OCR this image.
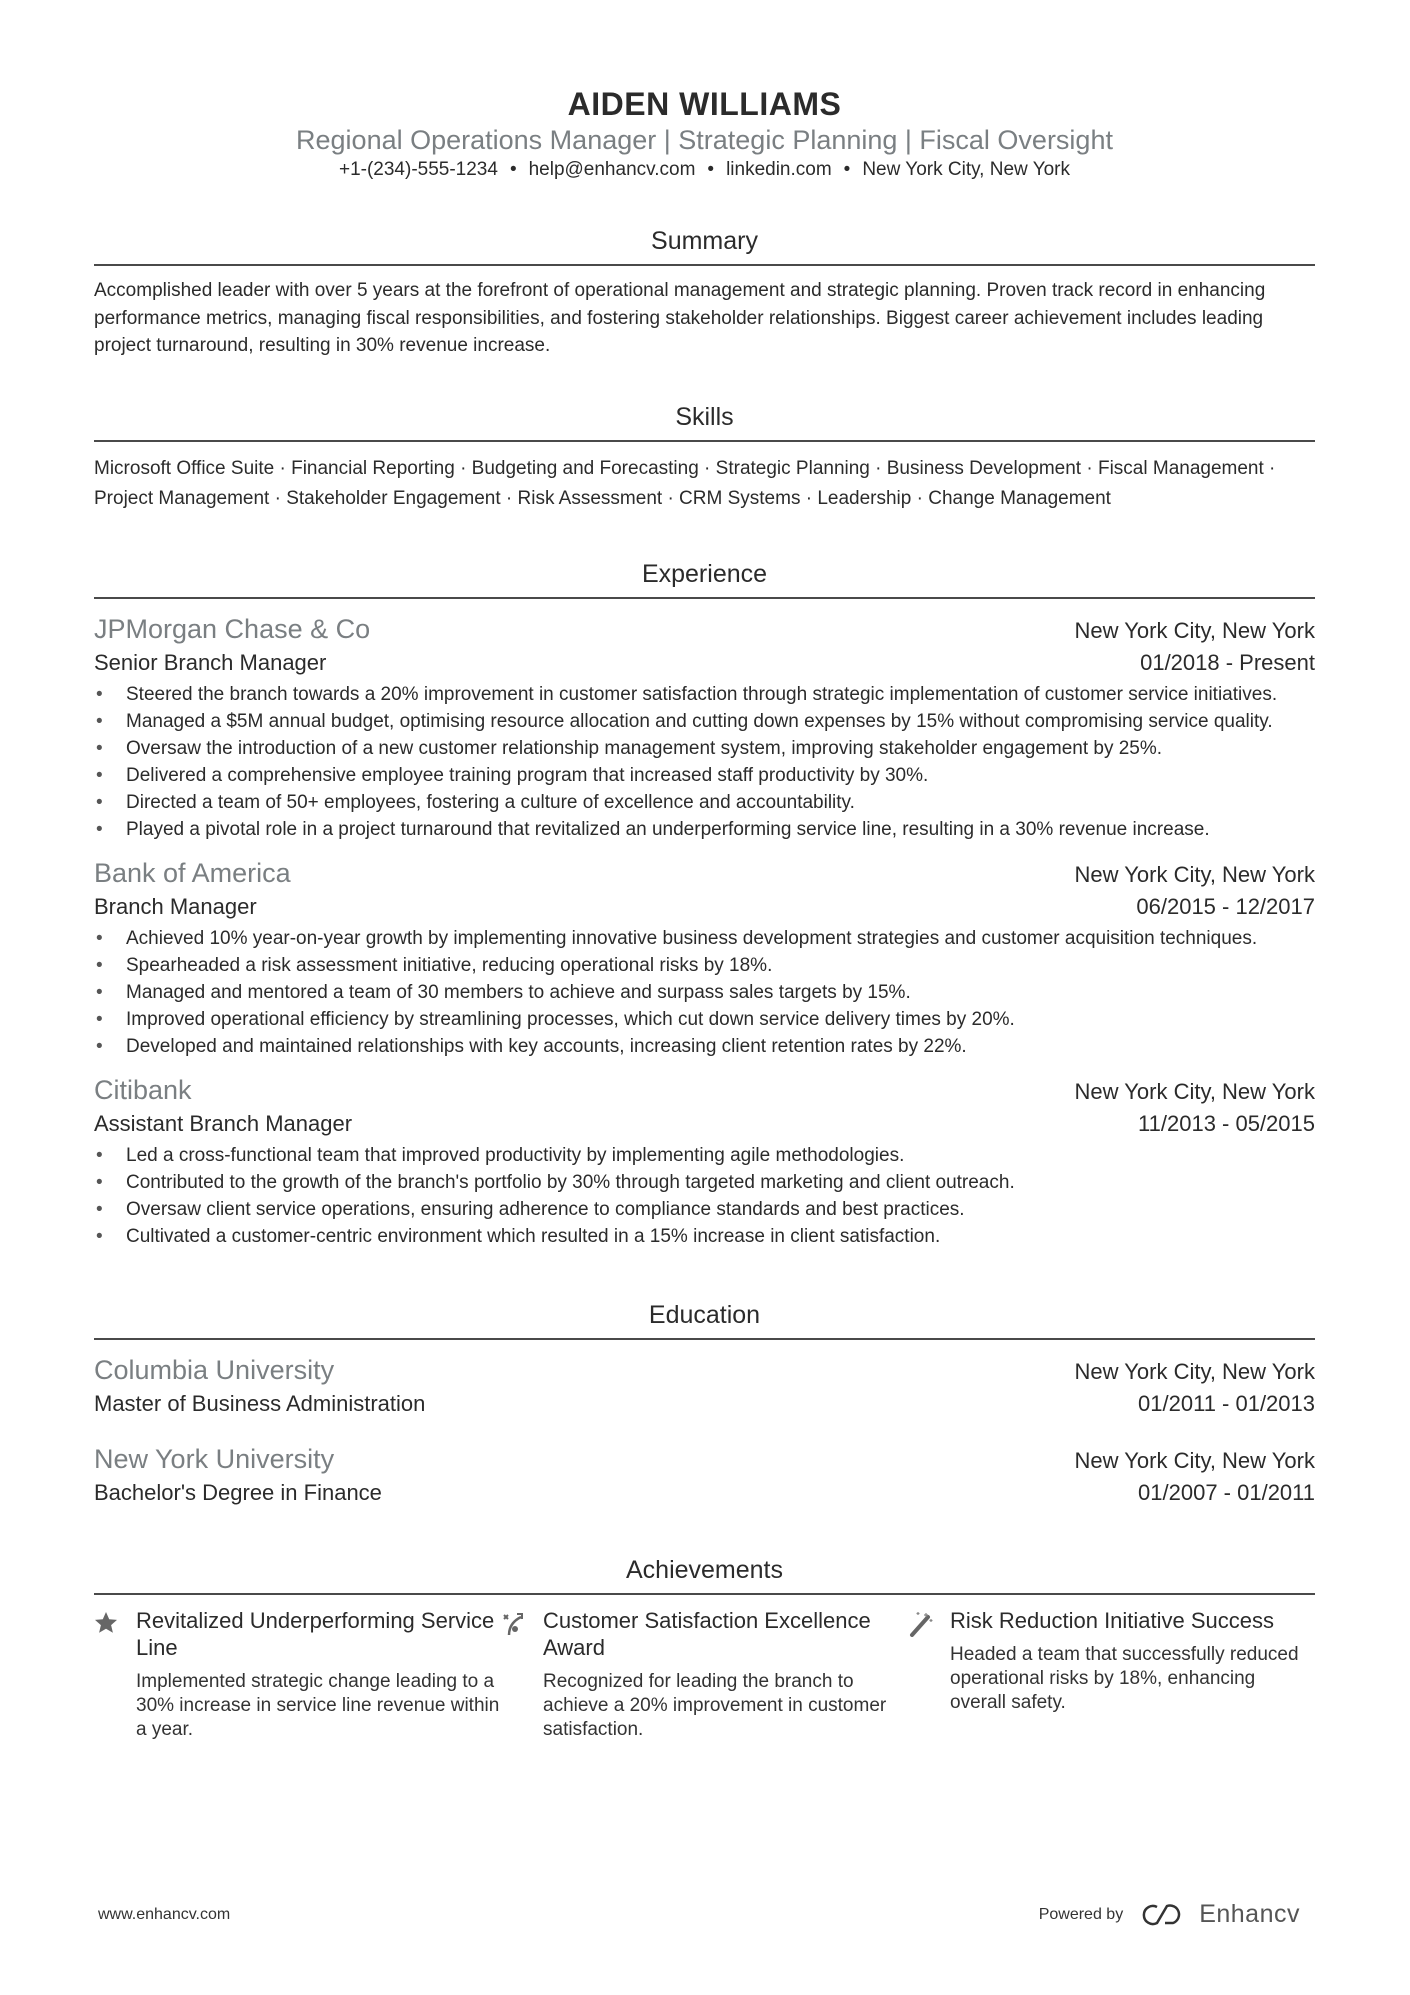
AIDEN WILLIAMS
Regional Operations Manager | Strategic Planning | Fiscal Oversight
+1-(234)-555-1234 • help@enhancv.com • linkedin.com • New York City, New York
Summary
Accomplished leader with over 5 years at the forefront of operational management and strategic planning. Proven track record in enhancing performance metrics, managing fiscal responsibilities, and fostering stakeholder relationships. Biggest career achievement includes leading project turnaround, resulting in 30% revenue increase.
Skills
Microsoft Office Suite · Financial Reporting · Budgeting and Forecasting · Strategic Planning · Business Development · Fiscal Management · Project Management · Stakeholder Engagement · Risk Assessment · CRM Systems · Leadership · Change Management
Experience
JPMorgan Chase & Co	New York City, New York
Senior Branch Manager	01/2018 - Present
• Steered the branch towards a 20% improvement in customer satisfaction through strategic implementation of customer service initiatives.
• Managed a $5M annual budget, optimising resource allocation and cutting down expenses by 15% without compromising service quality.
• Oversaw the introduction of a new customer relationship management system, improving stakeholder engagement by 25%.
• Delivered a comprehensive employee training program that increased staff productivity by 30%.
• Directed a team of 50+ employees, fostering a culture of excellence and accountability.
• Played a pivotal role in a project turnaround that revitalized an underperforming service line, resulting in a 30% revenue increase.
Bank of America	New York City, New York
Branch Manager	06/2015 - 12/2017
• Achieved 10% year-on-year growth by implementing innovative business development strategies and customer acquisition techniques.
• Spearheaded a risk assessment initiative, reducing operational risks by 18%.
• Managed and mentored a team of 30 members to achieve and surpass sales targets by 15%.
• Improved operational efficiency by streamlining processes, which cut down service delivery times by 20%.
• Developed and maintained relationships with key accounts, increasing client retention rates by 22%.
Citibank	New York City, New York
Assistant Branch Manager	11/2013 - 05/2015
• Led a cross-functional team that improved productivity by implementing agile methodologies.
• Contributed to the growth of the branch's portfolio by 30% through targeted marketing and client outreach.
• Oversaw client service operations, ensuring adherence to compliance standards and best practices.
• Cultivated a customer-centric environment which resulted in a 15% increase in client satisfaction.
Education
Columbia University	New York City, New York
Master of Business Administration	01/2011 - 01/2013
New York University	New York City, New York
Bachelor's Degree in Finance	01/2007 - 01/2011
Achievements
Revitalized Underperforming Service Line
Implemented strategic change leading to a 30% increase in service line revenue within a year.
Customer Satisfaction Excellence Award
Recognized for leading the branch to achieve a 20% improvement in customer satisfaction.
Risk Reduction Initiative Success
Headed a team that successfully reduced operational risks by 18%, enhancing overall safety.
www.enhancv.com	Powered by	Enhancv
